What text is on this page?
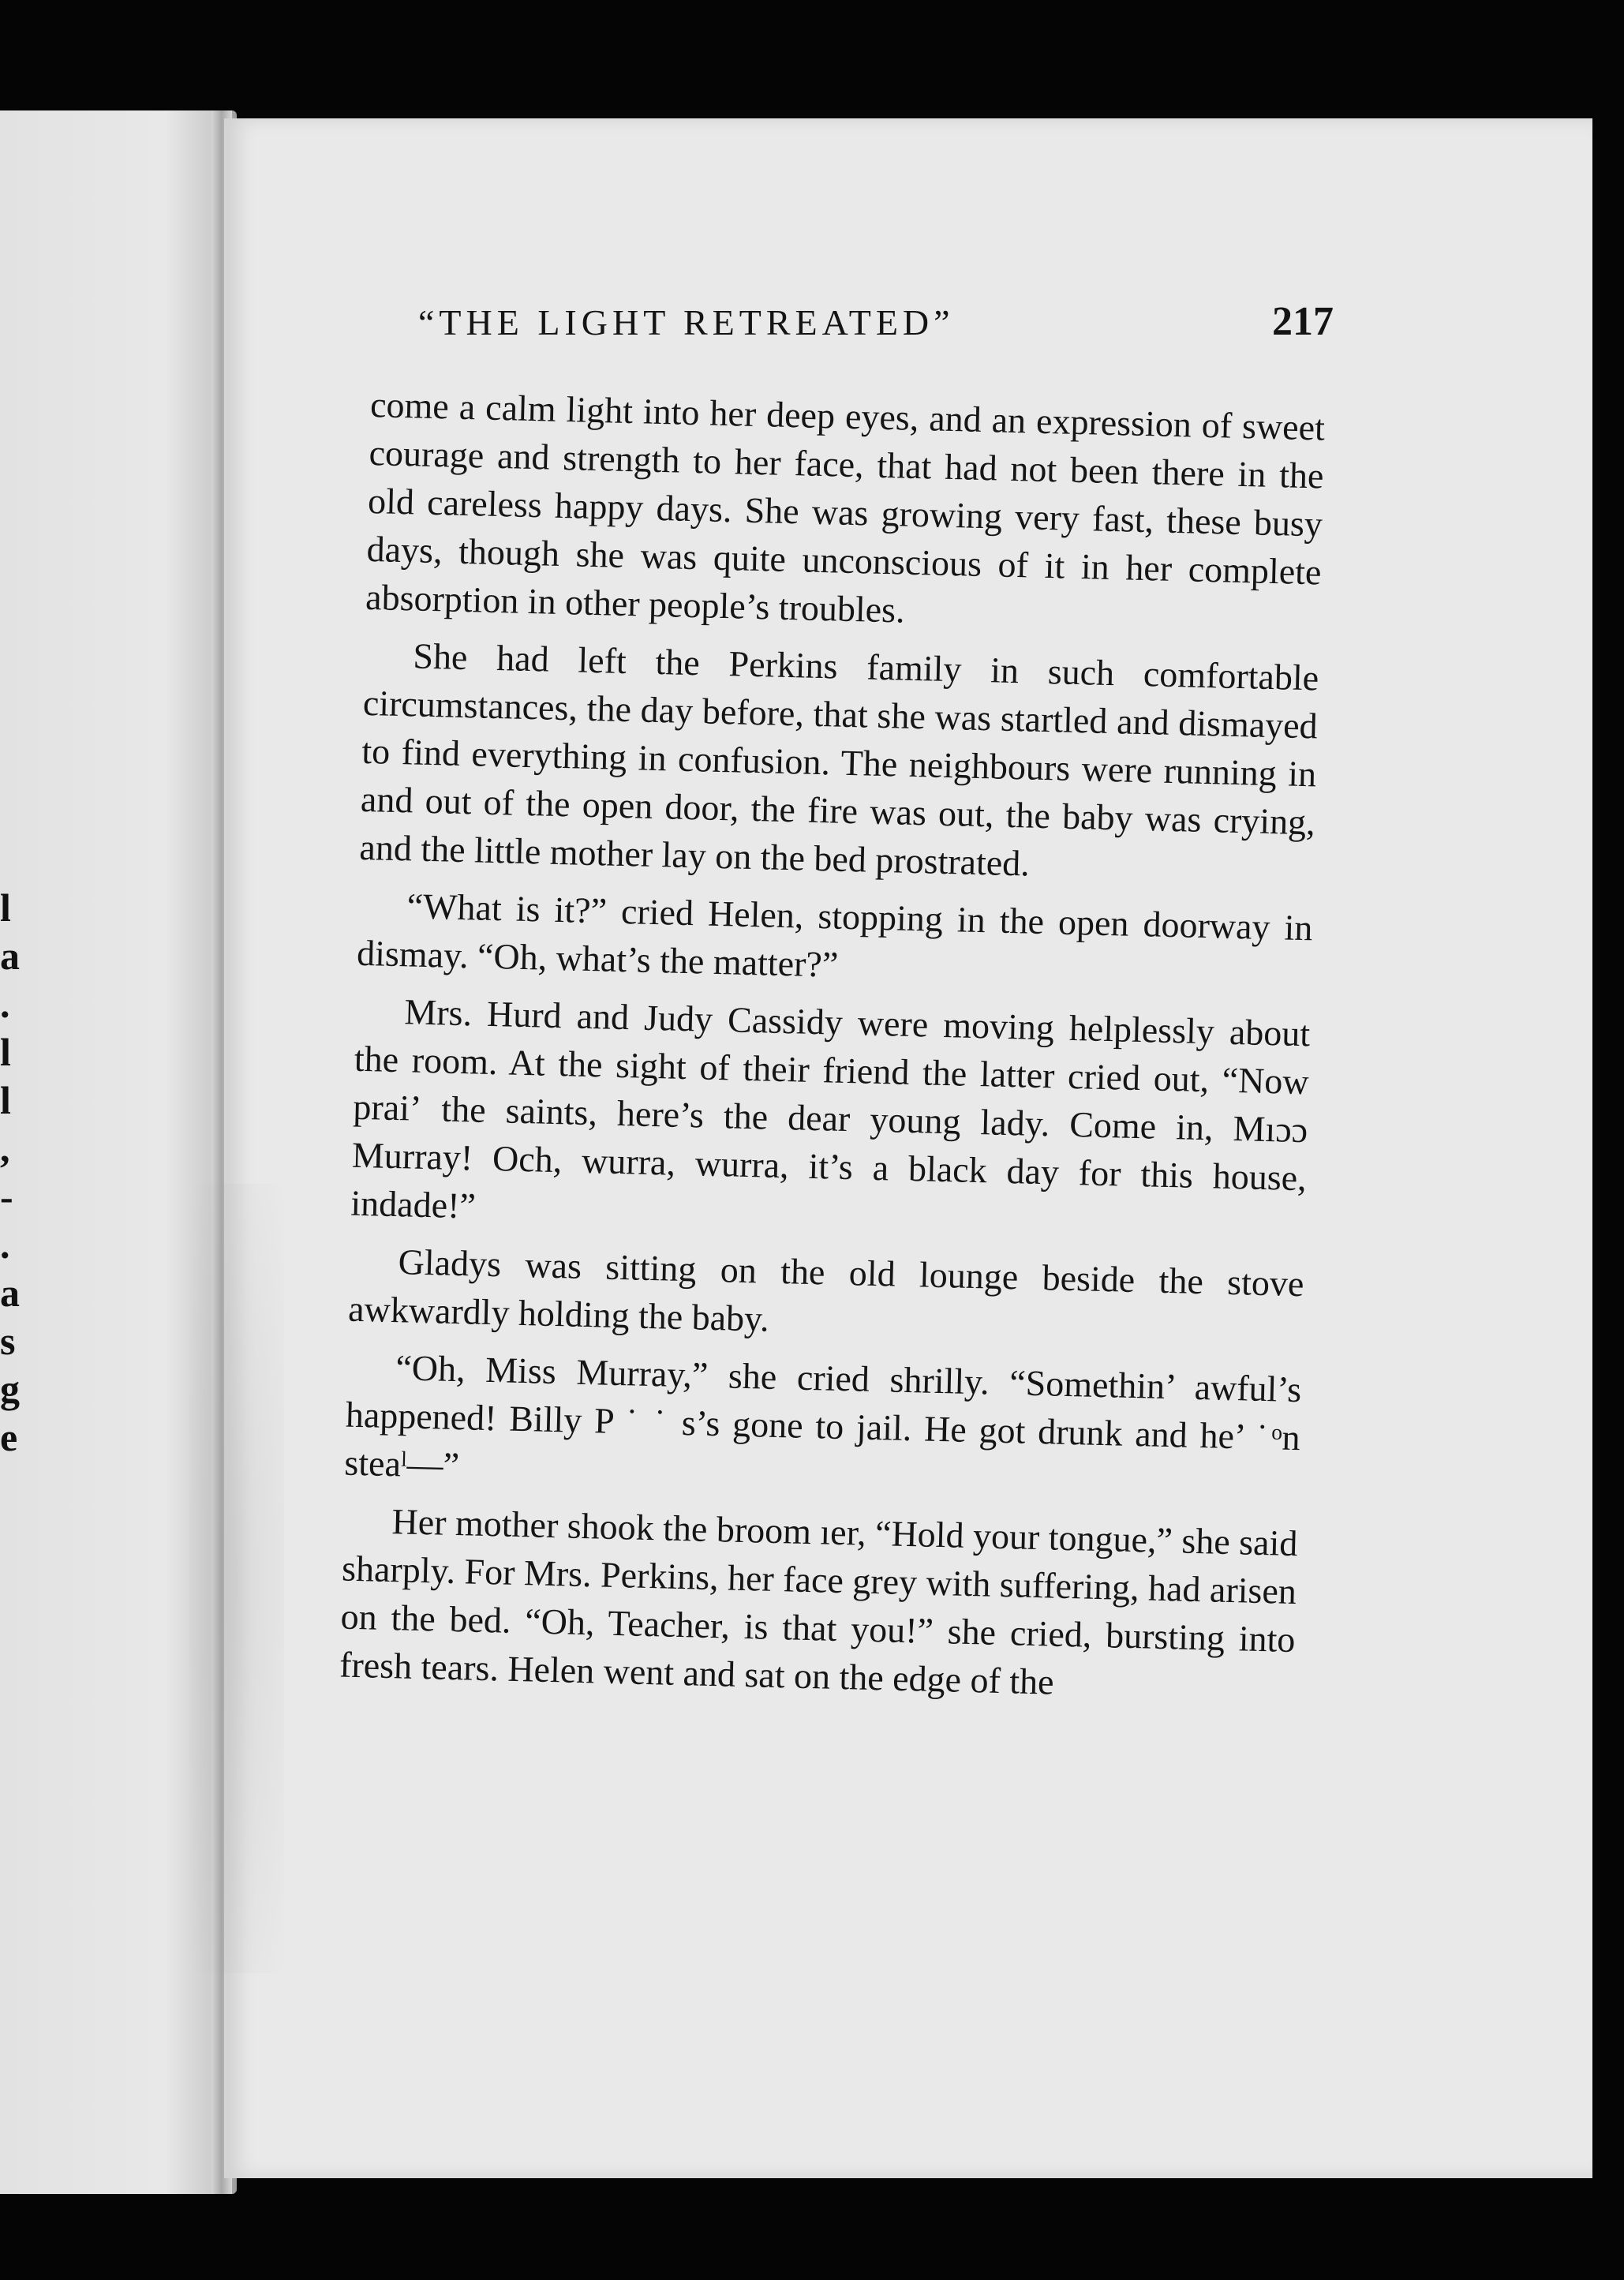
l
a
.
l
l
,
-
.
a
s
g
e
“THE LIGHT RETREATED”	217

come a calm light into her deep eyes, and an expression of sweet courage and strength to her face, that had not been there in the old careless happy days. She was growing very fast, these busy days, though she was quite unconscious of it in her complete absorption in other people’s troubles.

She had left the Perkins family in such comfortable circumstances, the day before, that she was startled and dismayed to find everything in confusion. The neighbours were running in and out of the open door, the fire was out, the baby was crying, and the little mother lay on the bed prostrated.

“What is it?” cried Helen, stopping in the open doorway in dismay. “Oh, what’s the matter?”

Mrs. Hurd and Judy Cassidy were moving helplessly about the room. At the sight of their friend the latter cried out, “Now praiʼ the saints, here’s the dear young lady. Come in, Mıɔɔ Murray! Och, wurra, wurra, it’s a black day for this house, indade!”

Gladys was sitting on the old lounge beside the stove awkwardly holding the baby.

“Oh, Miss Murray,” she cried shrilly. “Somethin’ awful’s happened! Billy P ˙ ˙ s’s gone to jail. He got drunk and he’ ˙ᵒn steaˡ—”

Her mother shook the broom ıer, “Hold your tongue,” she said sharply. For Mrs. Perkins, her face grey with suffering, had arisen on the bed. “Oh, Teacher, is that you!” she cried, bursting into fresh tears. Helen went and sat on the edge of the
